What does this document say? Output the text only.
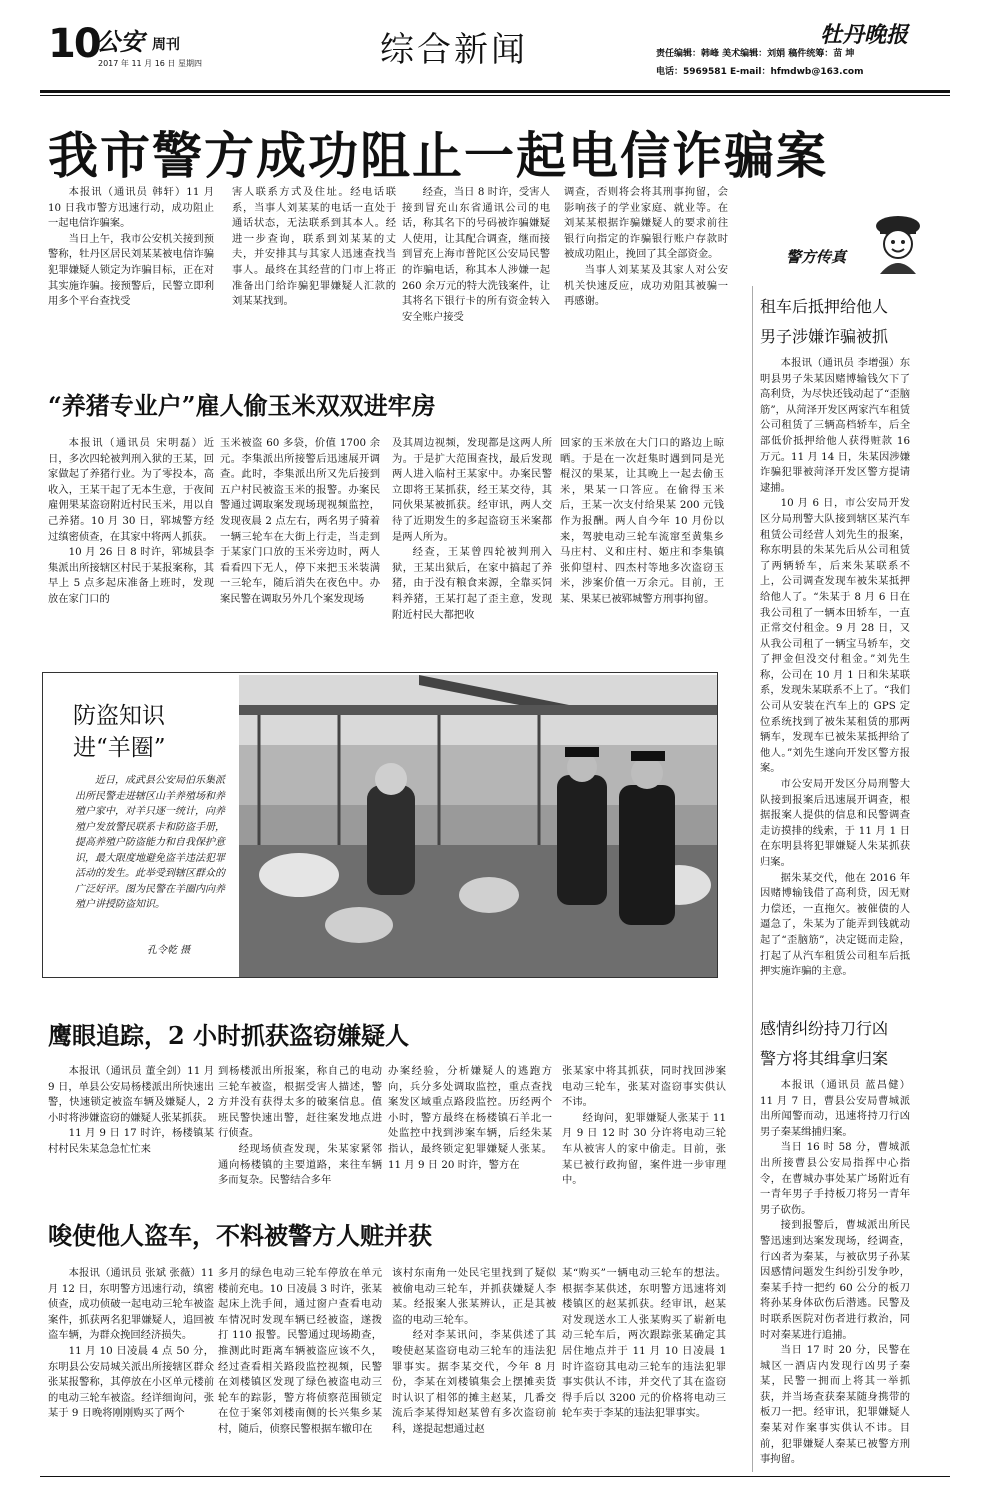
10
公安 周刊
2017 年 11 月 16 日 星期四	综合新闻	牡丹晚报
责任编辑：韩峰 美术编辑：刘娟 稿件统筹：苗 坤
电话：5969581 E-mail：hfmdwb@163.com
我市警方成功阻止一起电信诈骗案

本报讯（通讯员 韩轩）11 月 10 日我市警方迅速行动，成功阻止一起电信诈骗案。

当日上午，我市公安机关接到预警称，牡丹区居民刘某某被电信诈骗犯罪嫌疑人锁定为诈骗目标，正在对其实施诈骗。接预警后，民警立即利用多个平台查找受

害人联系方式及住址。经电话联系，当事人刘某某的电话一直处于通话状态，无法联系到其本人。经进一步查询，联系到刘某某的丈夫，并安排其与其家人迅速查找当事人。最终在其经营的门市上将正准备出门给诈骗犯罪嫌疑人汇款的刘某某找到。

经查，当日 8 时许，受害人接到冒充山东省通讯公司的电话，称其名下的号码被诈骗嫌疑人使用，让其配合调查，继而接到冒充上海市普陀区公安局民警的诈骗电话，称其本人涉嫌一起 260 余万元的特大洗钱案件，让其将名下银行卡的所有资金转入安全账户接受

调查，否则将会将其刑事拘留，会影响孩子的学业家庭、就业等。在刘某某根据诈骗嫌疑人的要求前往银行向指定的诈骗银行账户存款时被成功阻止，挽回了其全部资金。

当事人刘某某及其家人对公安机关快速反应，成功劝阻其被骗一再感谢。

警方传真
“养猪专业户”雇人偷玉米双双进牢房

本报讯（通讯员 宋明磊）近日，多次四轮被判刑入狱的王某，回家做起了养猪行业。为了零投本，高收入，王某干起了无本生意，于夜间雇佣果某盗窃附近村民玉米，用以自己养猪。10 月 30 日，郓城警方经过缜密侦查，在其家中将两人抓获。

10 月 26 日 8 时许，郓城县李集派出所接辖区村民于某报案称，其早上 5 点多起床准备上班时，发现放在家门口的

玉米被盗 60 多袋，价值 1700 余元。李集派出所接警后迅速展开调查。此时，李集派出所又先后接到五户村民被盗玉米的报警。办案民警通过调取案发现场现视频监控，发现夜晨 2 点左右，两名男子骑着一辆三轮车在大街上行走，当走到于某家门口放的玉米旁边时，两人看看四下无人，停下来把玉米装满一三轮车，随后消失在夜色中。办案民警在调取另外几个案发现场

及其周边视频，发现都是这两人所为。于是扩大范围查找，最后发现两人进入临村王某家中。办案民警立即将王某抓获，经王某交待，其同伙果某被抓获。经审讯，两人交待了近期发生的多起盗窃玉米案都是两人所为。

经查，王某曾四轮被判刑入狱，王某出狱后，在家中搞起了养猪，由于没有粮食来源，全靠买饲料养猪，王某打起了歪主意，发现附近村民大都把收

回家的玉米放在大门口的路边上晾晒。于是在一次赶集时遇到同是光棍汉的果某，让其晚上一起去偷玉米，果某一口答应。在偷得玉米后，王某一次支付给果某 200 元钱作为报酬。两人自今年 10 月份以来，驾驶电动三轮车流窜至黄集乡马庄村、义和庄村、姬庄和李集镇张仰望村、四杰村等地多次盗窃玉米，涉案价值一万余元。目前，王某、果某已被郓城警方刑事拘留。

防盗知识
进“羊圈”

近日，成武县公安局伯乐集派出所民警走进辖区山羊养殖场和养殖户家中，对羊只逐一统计，向养殖户发放警民联系卡和防盗手册，提高养殖户防盗能力和自我保护意识，最大限度地避免盗羊违法犯罪活动的发生。此举受到辖区群众的广泛好评。图为民警在羊圈内向养殖户讲授防盗知识。

孔令乾 摄
鹰眼追踪，2 小时抓获盗窃嫌疑人

本报讯（通讯员 董全剑）11 月 9 日，单县公安局杨楼派出所快速出警，快速锁定被盗车辆及嫌疑人，2 小时将涉嫌盗窃的嫌疑人张某抓获。

11 月 9 日 17 时许，杨楼镇某村村民朱某急急忙忙来

到杨楼派出所报案，称自己的电动三轮车被盗，根据受害人描述，警方并没有获得太多的破案信息。值班民警快速出警，赶往案发地点进行侦查。

经现场侦查发现，朱某家紧邻通向杨楼镇的主要道路，来往车辆多而复杂。民警结合多年

办案经验，分析嫌疑人的逃跑方向，兵分多处调取监控，重点查找案发区域重点路段监控。历经两个小时，警方最终在杨楼镇石羊北一处监控中找到涉案车辆，后经朱某指认，最终锁定犯罪嫌疑人张某。11 月 9 日 20 时许，警方在

张某家中将其抓获，同时找回涉案电动三轮车，张某对盗窃事实供认不讳。

经询问，犯罪嫌疑人张某于 11 月 9 日 12 时 30 分许将电动三轮车从被害人的家中偷走。目前，张某已被行政拘留，案件进一步审理中。

唆使他人盗车，不料被警方人赃并获

本报讯（通讯员 张斌 张薇）11 月 12 日，东明警方迅速行动，缜密侦查，成功侦破一起电动三轮车被盗案件，抓获两名犯罪嫌疑人，追回被盗车辆，为群众挽回经济损失。

11 月 10 日凌晨 4 点 50 分，东明县公安局城关派出所接辖区群众张某报警称，其停放在小区单元楼前的电动三轮车被盗。经详细询问，张某于 9 日晚将刚刚购买了两个

多月的绿色电动三轮车停放在单元楼前充电。10 日凌晨 3 时许，张某起床上洗手间，通过窗户查看电动车情况时发现车辆已经被盗，遂拨打 110 报警。民警通过现场勘查，推测此时距离车辆被盗应该不久，经过查看相关路段监控视频，民警在刘楼镇区发现了绿色被盗电动三轮车的踪影，警方将侦察范围锁定在位于案邻刘楼南侧的长兴集乡某村，随后，侦察民警根据车辙印在

该村东南角一处民宅里找到了疑似被偷电动三轮车，并抓获嫌疑人李某。经报案人张某辨认，正是其被盗的电动三轮车。

经对李某讯问，李某供述了其唆使赵某盗窃电动三轮车的违法犯罪事实。据李某交代，今年 8 月份，李某在刘楼镇集会上摆摊卖货时认识了相邻的摊主赵某，几番交流后李某得知赵某曾有多次盗窃前科，遂提起想通过赵

某“购买”一辆电动三轮车的想法。根据李某供述，东明警方迅速将刘楼镇区的赵某抓获。经审讯，赵某对发现送水工人张某购买了崭新电动三轮车后，两次跟踪张某确定其居住地点并于 11 月 10 日凌晨 1 时许盗窃其电动三轮车的违法犯罪事实供认不讳，并交代了其在盗窃得手后以 3200 元的价格将电动三轮车卖于李某的违法犯罪事实。

租车后抵押给他人
男子涉嫌诈骗被抓

本报讯（通讯员 李增强）东明县男子朱某因赌博输钱欠下了高利贷，为尽快还钱动起了“歪脑筋”，从菏泽开发区两家汽车租赁公司租赁了三辆高档轿车，后全部低价抵押给他人获得赃款 16 万元。11 月 14 日，朱某因涉嫌诈骗犯罪被菏泽开发区警方提请逮捕。

10 月 6 日，市公安局开发区分局刑警大队接到辖区某汽车租赁公司经营人刘先生的报案，称东明县的朱某先后从公司租赁了两辆轿车，后来朱某联系不上，公司调查发现车被朱某抵押给他人了。“朱某于 8 月 6 日在我公司租了一辆本田轿车，一直正常交付租金。9 月 28 日，又从我公司租了一辆宝马轿车，交了押金但没交付租金。”刘先生称，公司在 10 月 1 日和朱某联系，发现朱某联系不上了。“我们公司从安装在汽车上的 GPS 定位系统找到了被朱某租赁的那两辆车，发现车已被朱某抵押给了他人。”刘先生遂向开发区警方报案。

市公安局开发区分局刑警大队接到报案后迅速展开调查，根据报案人提供的信息和民警调查走访摸排的线索，于 11 月 1 日在东明县将犯罪嫌疑人朱某抓获归案。

据朱某交代，他在 2016 年因赌博输钱借了高利贷，因无财力偿还，一直拖欠。被催债的人逼急了，朱某为了能弄到钱就动起了“歪脑筋”，决定铤而走险，打起了从汽车租赁公司租车后抵押实施诈骗的主意。

感情纠纷持刀行凶
警方将其缉拿归案

本报讯（通讯员 蓝昌健）11 月 7 日，曹县公安局曹城派出所闻警而动，迅速将持刀行凶男子秦某缉捕归案。

当日 16 时 58 分，曹城派出所接曹县公安局指挥中心指令，在曹城办事处某广场附近有一青年男子手持板刀将另一青年男子砍伤。

接到报警后，曹城派出所民警迅速到达案发现场，经调查，行凶者为秦某，与被砍男子孙某因感情问题发生纠纷引发争吵，秦某手持一把约 60 公分的板刀将孙某身体砍伤后潜逃。民警及时联系医院对伤者进行救治，同时对秦某进行追捕。

当日 17 时 20 分，民警在城区一酒店内发现行凶男子秦某，民警一拥而上将其一举抓获，并当场查获秦某随身携带的板刀一把。经审讯，犯罪嫌疑人秦某对作案事实供认不讳。目前，犯罪嫌疑人秦某已被警方刑事拘留。
